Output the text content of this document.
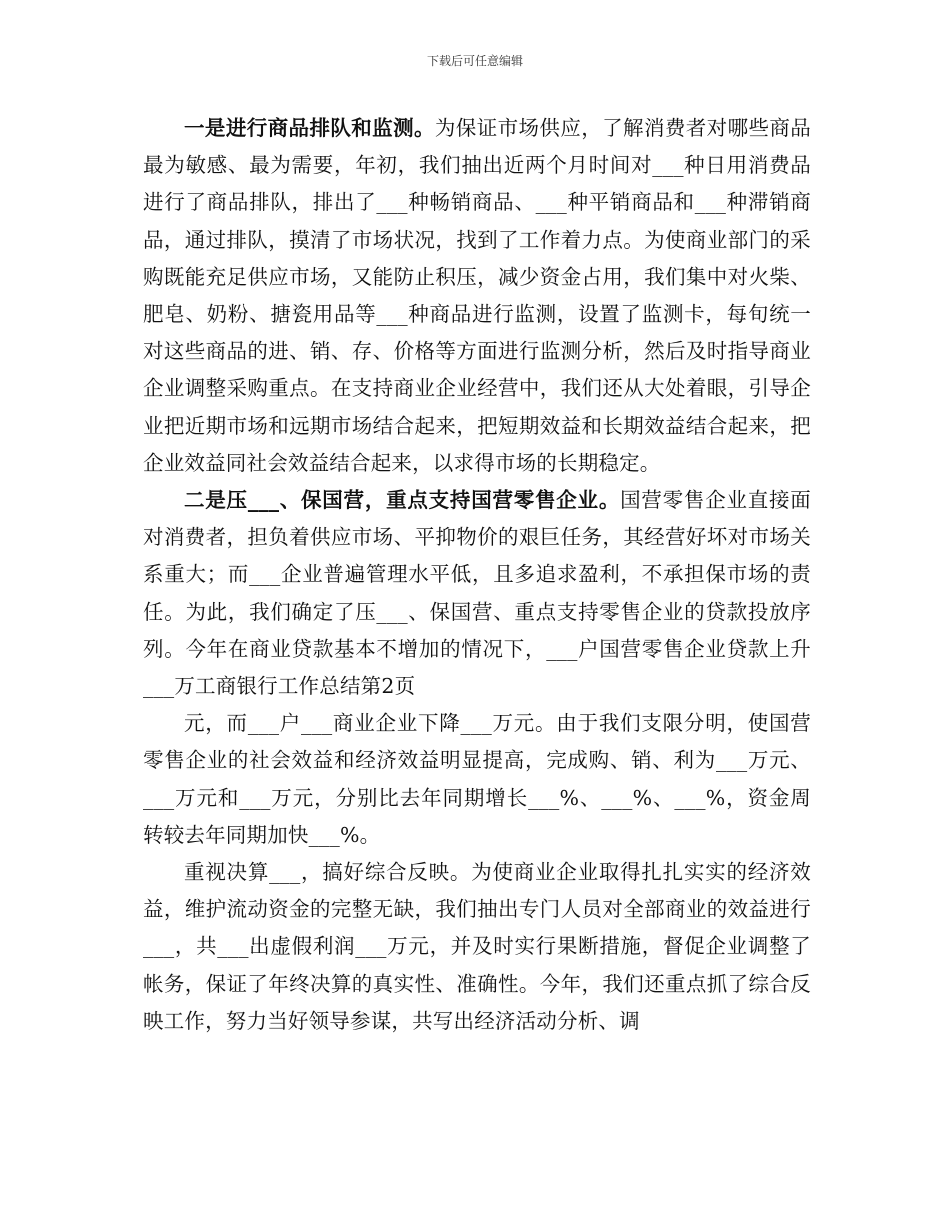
下载后可任意编辑

一是进行商品排队和监测。为保证市场供应，了解消费者对哪些商品最为敏感、最为需要，年初，我们抽出近两个月时间对___种日用消费品进行了商品排队，排出了___种畅销商品、___种平销商品和___种滞销商品，通过排队，摸清了市场状况，找到了工作着力点。为使商业部门的采购既能充足供应市场，又能防止积压，减少资金占用，我们集中对火柴、肥皂、奶粉、搪瓷用品等___种商品进行监测，设置了监测卡，每旬统一对这些商品的进、销、存、价格等方面进行监测分析，然后及时指导商业企业调整采购重点。在支持商业企业经营中，我们还从大处着眼，引导企业把近期市场和远期市场结合起来，把短期效益和长期效益结合起来，把企业效益同社会效益结合起来，以求得市场的长期稳定。

二是压___、保国营，重点支持国营零售企业。国营零售企业直接面对消费者，担负着供应市场、平抑物价的艰巨任务，其经营好坏对市场关系重大；而___企业普遍管理水平低，且多追求盈利，不承担保市场的责任。为此，我们确定了压___、保国营、重点支持零售企业的贷款投放序列。今年在商业贷款基本不增加的情况下，___户国营零售企业贷款上升___万工商银行工作总结第2页

元，而___户___商业企业下降___万元。由于我们支限分明，使国营零售企业的社会效益和经济效益明显提高，完成购、销、利为___万元、___万元和___万元，分别比去年同期增长___%、___%、___%，资金周转较去年同期加快___%。

重视决算___，搞好综合反映。为使商业企业取得扎扎实实的经济效益，维护流动资金的完整无缺，我们抽出专门人员对全部商业的效益进行___，共___出虚假利润___万元，并及时实行果断措施，督促企业调整了帐务，保证了年终决算的真实性、准确性。今年，我们还重点抓了综合反映工作，努力当好领导参谋，共写出经济活动分析、调
